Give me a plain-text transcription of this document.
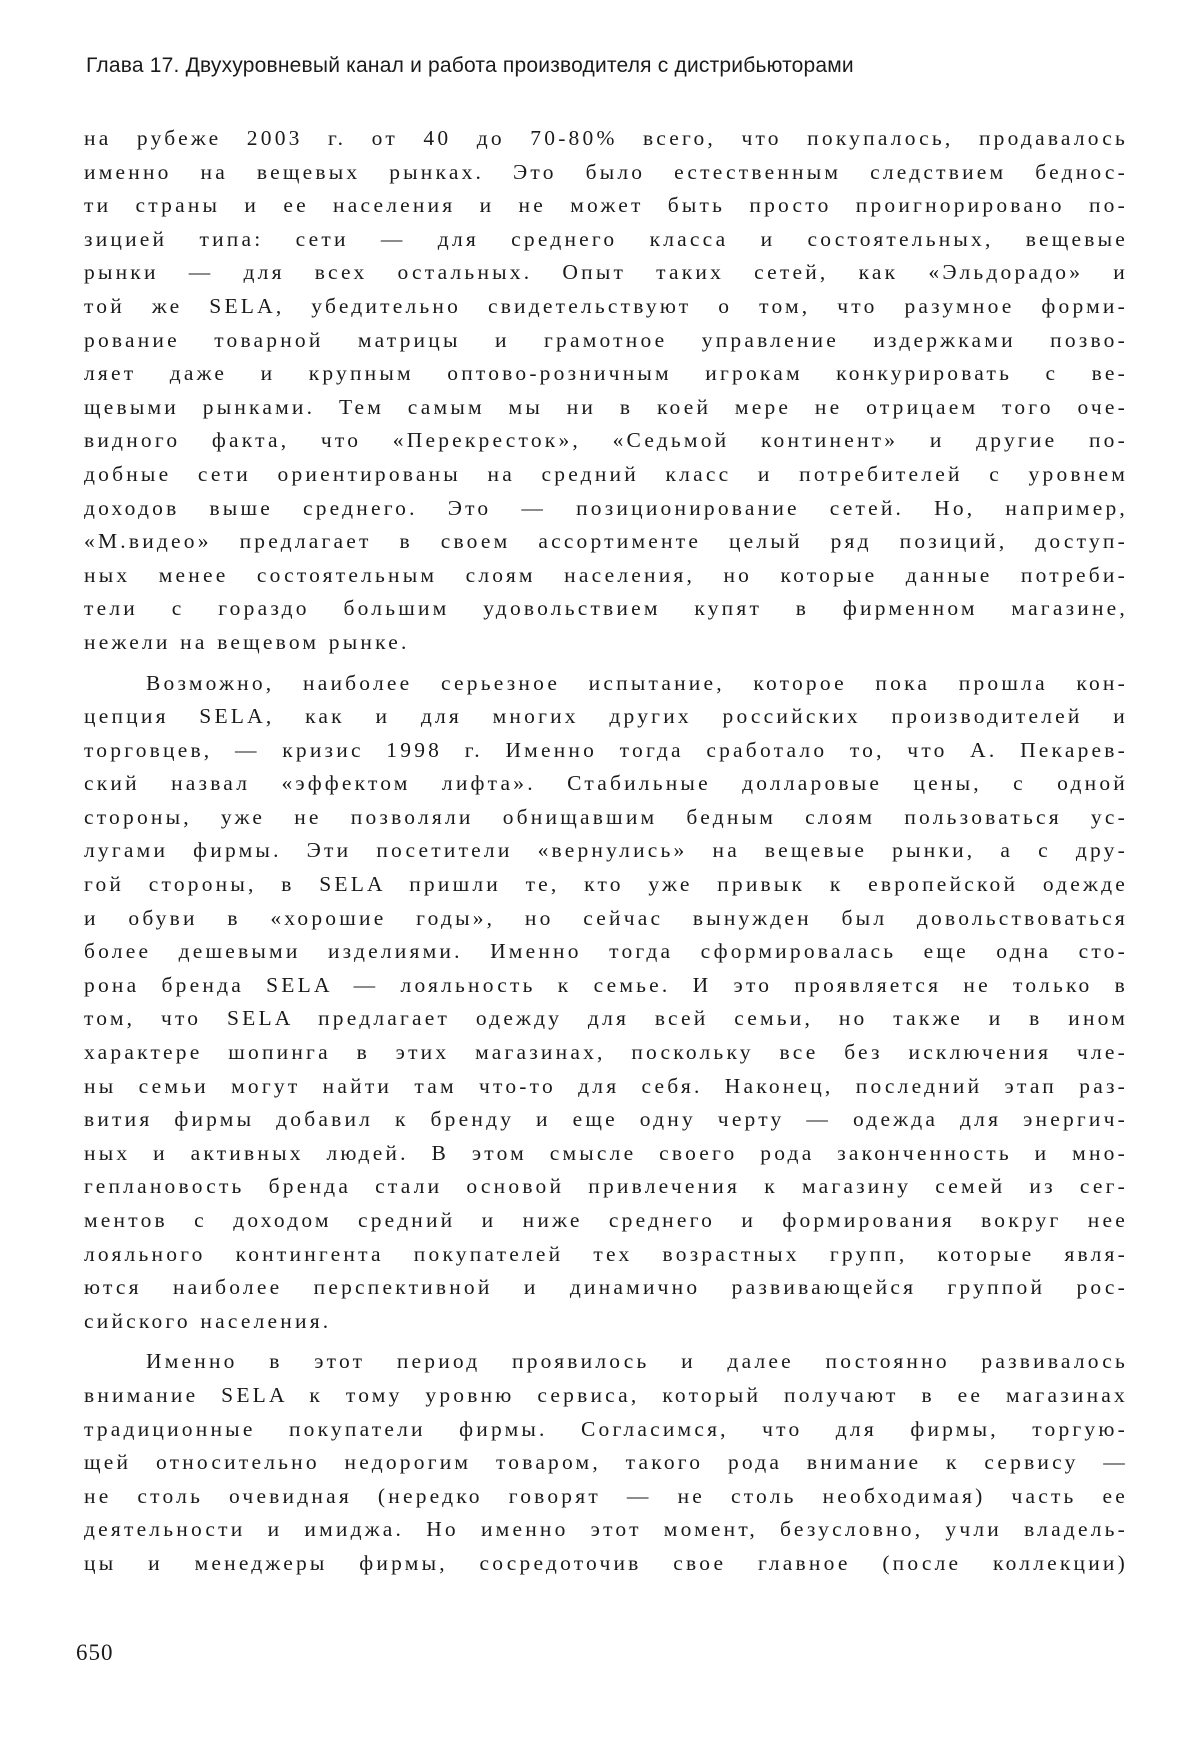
Глава 17. Двухуровневый канал и работа производителя с дистрибьюторами
на рубеже 2003 г. от 40 до 70-80% всего, что покупалось, продавалось
именно на вещевых рынках. Это было естественным следствием беднос-
ти страны и ее населения и не может быть просто проигнорировано по-
зицией типа: сети — для среднего класса и состоятельных, вещевые
рынки — для всех остальных. Опыт таких сетей, как «Эльдорадо» и
той же SELA, убедительно свидетельствуют о том, что разумное форми-
рование товарной матрицы и грамотное управление издержками позво-
ляет даже и крупным оптово-розничным игрокам конкурировать с ве-
щевыми рынками. Тем самым мы ни в коей мере не отрицаем того оче-
видного факта, что «Перекресток», «Седьмой континент» и другие по-
добные сети ориентированы на средний класс и потребителей с уровнем
доходов выше среднего. Это — позиционирование сетей. Но, например,
«М.видео» предлагает в своем ассортименте целый ряд позиций, доступ-
ных менее состоятельным слоям населения, но которые данные потреби-
тели с гораздо большим удовольствием купят в фирменном магазине,
нежели на вещевом рынке.
Возможно, наиболее серьезное испытание, которое пока прошла кон-
цепция SELA, как и для многих других российских производителей и
торговцев, — кризис 1998 г. Именно тогда сработало то, что А. Пекарев-
ский назвал «эффектом лифта». Стабильные долларовые цены, с одной
стороны, уже не позволяли обнищавшим бедным слоям пользоваться ус-
лугами фирмы. Эти посетители «вернулись» на вещевые рынки, а с дру-
гой стороны, в SELA пришли те, кто уже привык к европейской одежде
и обуви в «хорошие годы», но сейчас вынужден был довольствоваться
более дешевыми изделиями. Именно тогда сформировалась еще одна сто-
рона бренда SELA — лояльность к семье. И это проявляется не только в
том, что SELA предлагает одежду для всей семьи, но также и в ином
характере шопинга в этих магазинах, поскольку все без исключения чле-
ны семьи могут найти там что-то для себя. Наконец, последний этап раз-
вития фирмы добавил к бренду и еще одну черту — одежда для энергич-
ных и активных людей. В этом смысле своего рода законченность и мно-
геплановость бренда стали основой привлечения к магазину семей из сег-
ментов с доходом средний и ниже среднего и формирования вокруг нее
лояльного контингента покупателей тех возрастных групп, которые явля-
ются наиболее перспективной и динамично развивающейся группой рос-
сийского населения.
Именно в этот период проявилось и далее постоянно развивалось
внимание SELA к тому уровню сервиса, который получают в ее магазинах
традиционные покупатели фирмы. Согласимся, что для фирмы, торгую-
щей относительно недорогим товаром, такого рода внимание к сервису —
не столь очевидная (нередко говорят — не столь необходимая) часть ее
деятельности и имиджа. Но именно этот момент, безусловно, учли владель-
цы и менеджеры фирмы, сосредоточив свое главное (после коллекции)
650
